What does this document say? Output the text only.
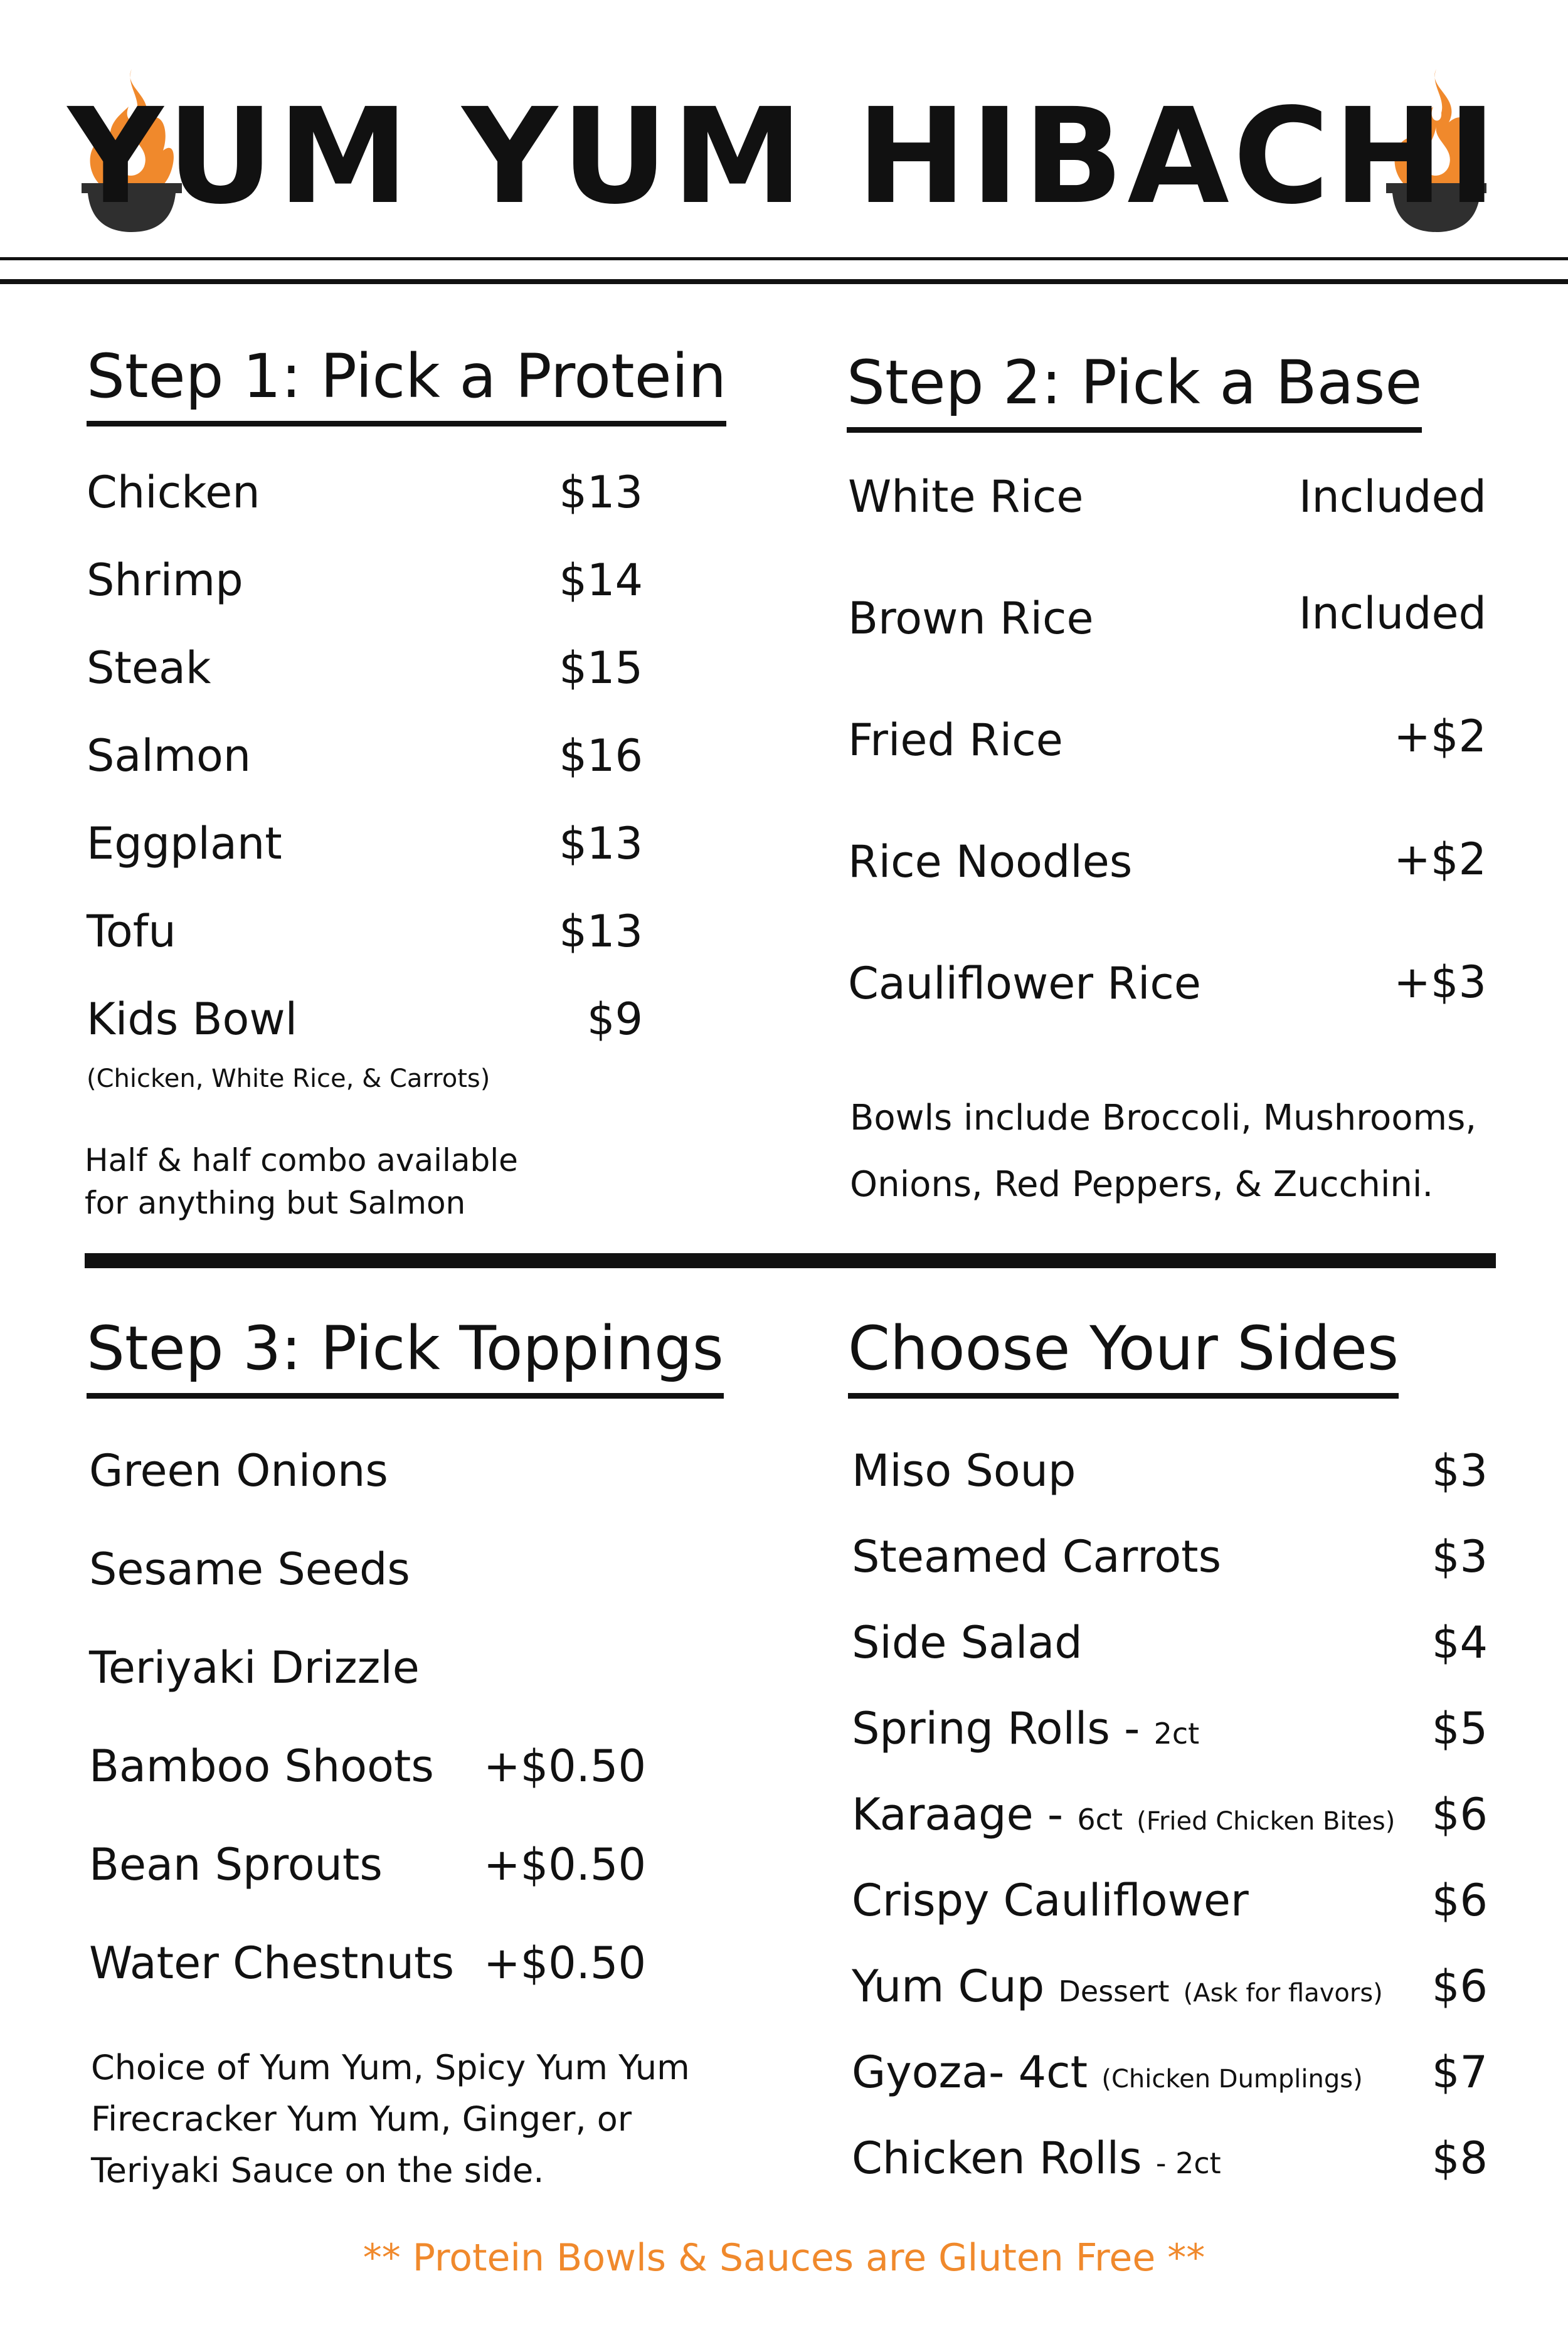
YUM YUM HIBACHI
Step 1: Pick a Protein
Chicken	$13
Shrimp	$14
Steak	$15
Salmon	$16
Eggplant	$13
Tofu	$13
Kids Bowl	$9
(Chicken, White Rice, & Carrots)
Half & half combo available
for anything but Salmon
Step 2: Pick a Base
White Rice	Included
Brown Rice	Included
Fried Rice	+$2
Rice Noodles	+$2
Cauliflower Rice	+$3
Bowls include Broccoli, Mushrooms,
Onions, Red Peppers, & Zucchini.
Step 3: Pick Toppings
Green Onions
Sesame Seeds
Teriyaki Drizzle
Bamboo Shoots +$0.50
Bean Sprouts +$0.50
Water Chestnuts +$0.50
Choice of Yum Yum, Spicy Yum Yum
Firecracker Yum Yum, Ginger, or
Teriyaki Sauce on the side.
Choose Your Sides
Miso Soup	$3
Steamed Carrots	$3
Side Salad	$4
Spring Rolls - 2ct	$5
Karaage - 6ct (Fried Chicken Bites) $6
Crispy Cauliflower	$6
Yum Cup Dessert (Ask for flavors)	$6
Gyoza- 4ct (Chicken Dumplings)	$7
Chicken Rolls - 2ct	$8
** Protein Bowls & Sauces are Gluten Free **
